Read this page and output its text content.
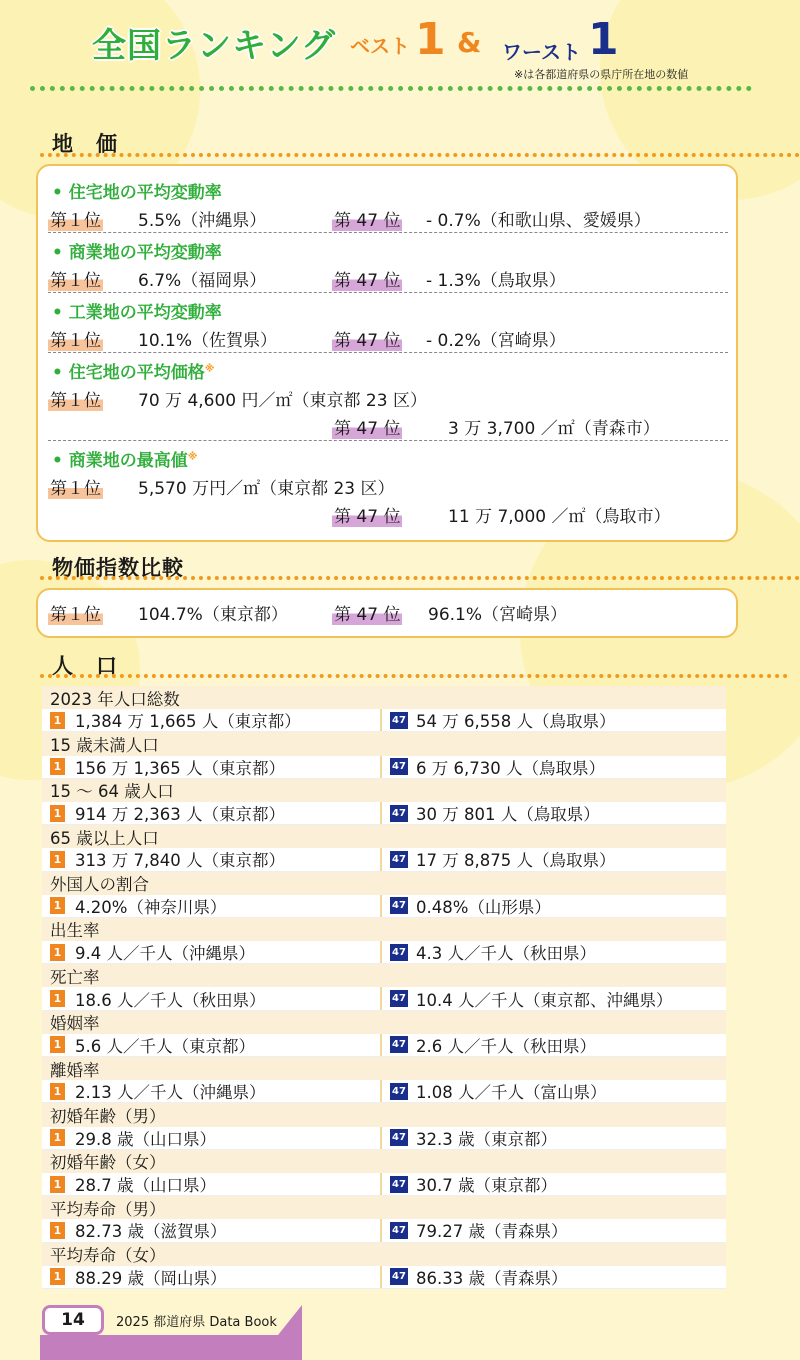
全国ランキング ベスト 1 & ワースト 1
※は各都道府県の県庁所在地の数値
地　価
• 住宅地の平均変動率
第１位 5.5%（沖縄県）	第 47 位 - 0.7%（和歌山県、愛媛県）
• 商業地の平均変動率
第１位 6.7%（福岡県）	第 47 位 - 1.3%（鳥取県）
• 工業地の平均変動率
第１位 10.1%（佐賀県）	第 47 位 - 0.2%（宮崎県）
• 住宅地の平均価格※
第１位 70 万 4,600 円／㎡（東京都 23 区）
第 47 位	3 万 3,700 ／㎡（青森市）
• 商業地の最高値※
第１位 5,570 万円／㎡（東京都 23 区）
第 47 位	11 万 7,000 ／㎡（鳥取市）
物価指数比較
第１位 104.7%（東京都）	第 47 位 96.1%（宮崎県）
人　口
2023 年人口総数
1 1,384 万 1,665 人（東京都）	47 54 万 6,558 人（鳥取県）
15 歳未満人口
1 156 万 1,365 人（東京都）	47 6 万 6,730 人（鳥取県）
15 ～ 64 歳人口
1 914 万 2,363 人（東京都）	47 30 万 801 人（鳥取県）
65 歳以上人口
1 313 万 7,840 人（東京都）	47 17 万 8,875 人（鳥取県）
外国人の割合
1 4.20%（神奈川県）	47 0.48%（山形県）
出生率
1 9.4 人／千人（沖縄県）	47 4.3 人／千人（秋田県）
死亡率
1 18.6 人／千人（秋田県）	47 10.4 人／千人（東京都、沖縄県）
婚姻率
1 5.6 人／千人（東京都）	47 2.6 人／千人（秋田県）
離婚率
1 2.13 人／千人（沖縄県）	47 1.08 人／千人（富山県）
初婚年齢（男）
1 29.8 歳（山口県）	47 32.3 歳（東京都）
初婚年齢（女）
1 28.7 歳（山口県）	47 30.7 歳（東京都）
平均寿命（男）
1 82.73 歳（滋賀県）	47 79.27 歳（青森県）
平均寿命（女）
1 88.29 歳（岡山県）	47 86.33 歳（青森県）
14	2025 都道府県 Data Book
